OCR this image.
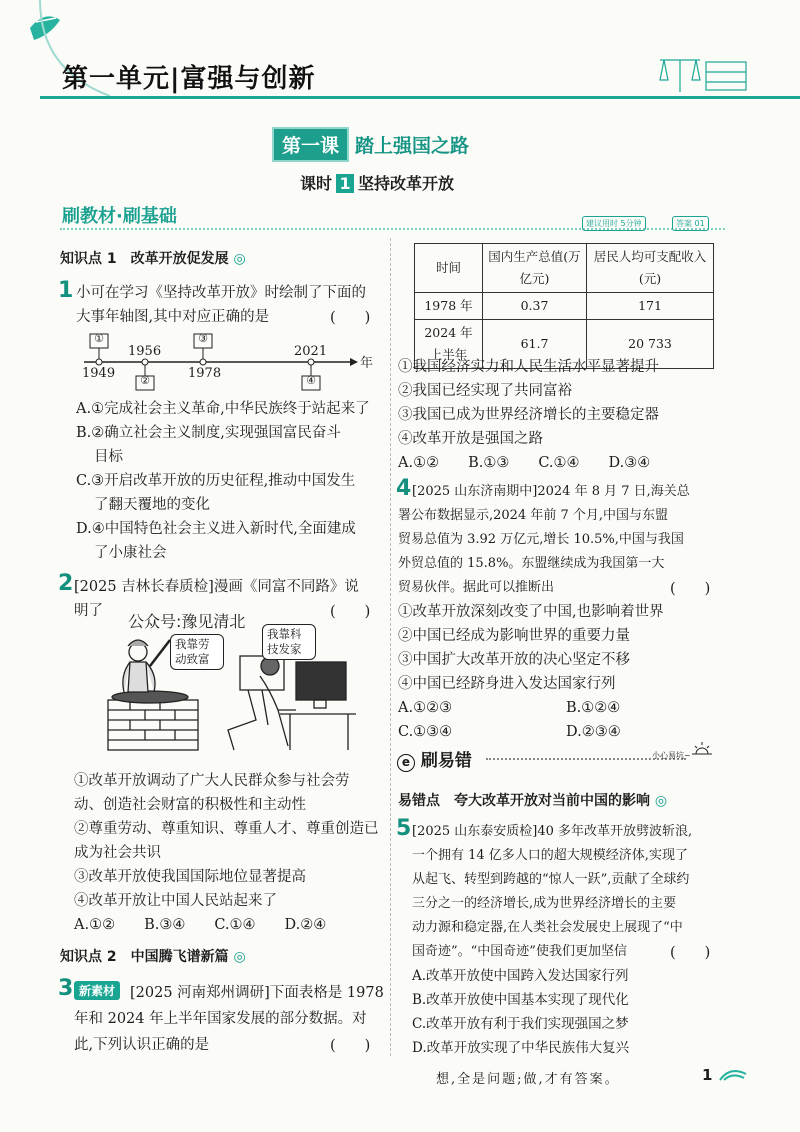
第一单元|富强与创新
第一课 踏上强国之路
课时 1 坚持改革开放
刷教材·刷基础	建议用时 5分钟	答案 01
知识点 1　改革开放促发展 ◎
1 小可在学习《坚持改革开放》时绘制了下面的
大事年轴图,其中对应正确的是	(　　)
①
②
③
④
1949
1956
1978
2021
年
A.①完成社会主义革命,中华民族终于站起来了
B.②确立社会主义制度,实现强国富民奋斗
目标
C.③开启改革开放的历史征程,推动中国发生
了翻天覆地的变化
D.④中国特色社会主义进入新时代,全面建成
了小康社会
2 [2025 吉林长春质检]漫画《同富不同路》说
明了	(　　)
公众号:豫见清北
我靠劳
动致富
我靠科
技发家
①改革开放调动了广大人民群众参与社会劳
动、创造社会财富的积极性和主动性
②尊重劳动、尊重知识、尊重人才、尊重创造已
成为社会共识
③改革开放使我国国际地位显著提高
④改革开放让中国人民站起来了
A.①②　　B.③④　　C.①④　　D.②④
知识点 2　中国腾飞谱新篇 ◎
3 新素材	[2025 河南郑州调研]下面表格是 1978
年和 2024 年上半年国家发展的部分数据。对
此,下列认识正确的是	(　　)
时间	国内生产总值(万亿元)	居民人均可支配收入(元)
1978 年	0.37	171
2024 年上半年	61.7	20 733
①我国经济实力和人民生活水平显著提升
②我国已经实现了共同富裕
③我国已成为世界经济增长的主要稳定器
④改革开放是强国之路
A.①②　　B.①③　　C.①④　　D.③④
4 [2025 山东济南期中]2024 年 8 月 7 日,海关总
署公布数据显示,2024 年前 7 个月,中国与东盟
贸易总值为 3.92 万亿元,增长 10.5%,中国与我国
外贸总值的 15.8%。东盟继续成为我国第一大
贸易伙伴。据此可以推断出	(　　)
①改革开放深刻改变了中国,也影响着世界
②中国已经成为影响世界的重要力量
③中国扩大改革开放的决心坚定不移
④中国已经跻身进入发达国家行列
A.①②③	B.①②④
C.①③④	D.②③④
e 刷易错	小心易坑~
易错点　夸大改革开放对当前中国的影响 ◎
5 [2025 山东泰安质检]40 多年改革开放劈波斩浪,
一个拥有 14 亿多人口的超大规模经济体,实现了
从起飞、转型到跨越的“惊人一跃”,贡献了全球约
三分之一的经济增长,成为世界经济增长的主要
动力源和稳定器,在人类社会发展史上展现了“中
国奇迹”。“中国奇迹”使我们更加坚信	(　　)
A.改革开放使中国跨入发达国家行列
B.改革开放使中国基本实现了现代化
C.改革开放有利于我们实现强国之梦
D.改革开放实现了中华民族伟大复兴
想,全是问题;做,才有答案。	1
